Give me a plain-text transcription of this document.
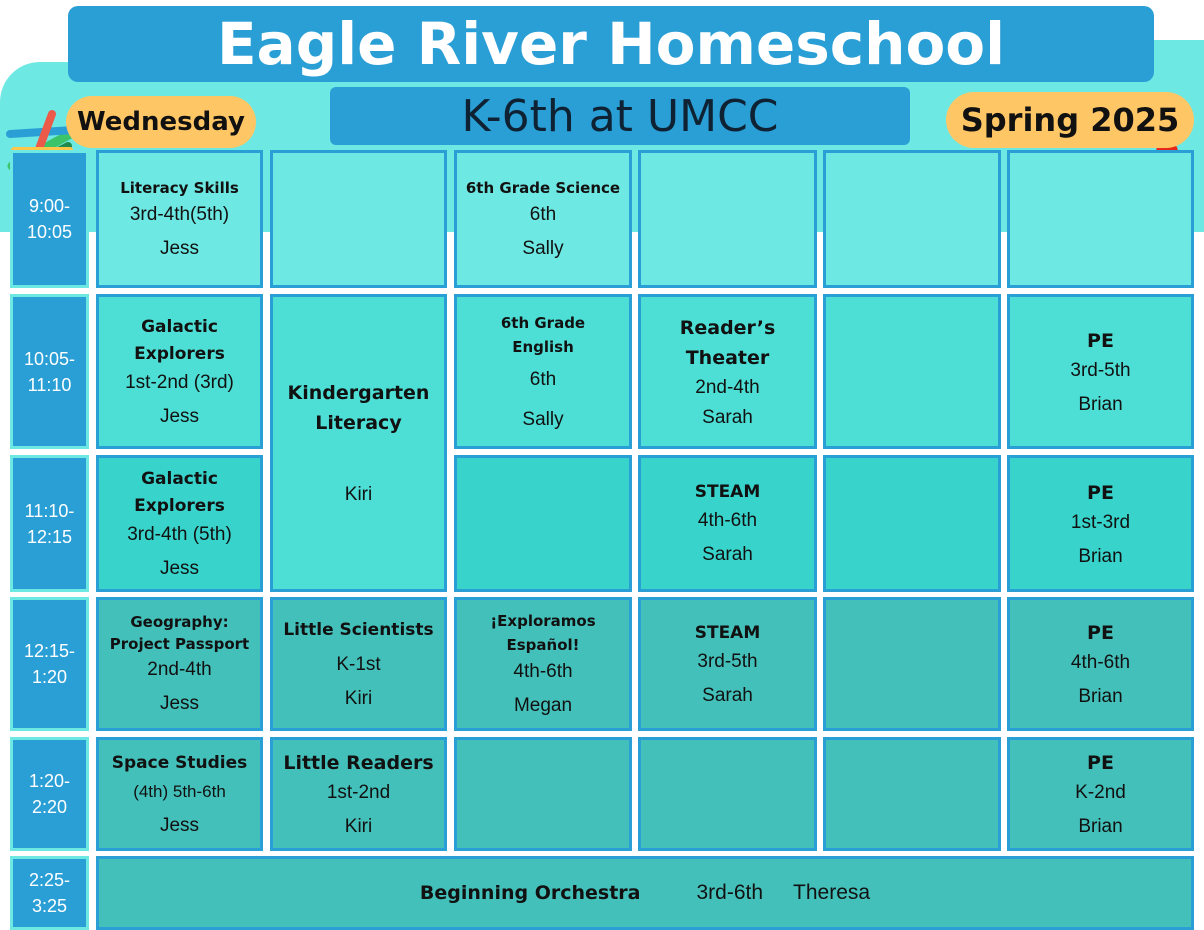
Eagle River Homeschool
K-6th at UMCC
Wednesday	Spring 2025
9:00-
10:05
10:05-
11:10
11:10-
12:15
12:15-
1:20
1:20-
2:20
2:25-
3:25
Literacy Skills
3rd-4th(5th)
Jess
6th Grade Science
6th
Sally
Galactic
Explorers
1st-2nd (3rd)
Jess
Kindergarten
Literacy
Kiri
6th Grade
English
6th
Sally
Reader’s
Theater
2nd-4th
Sarah
PE
3rd-5th
Brian
Galactic
Explorers
3rd-4th (5th)
Jess
STEAM
4th-6th
Sarah
PE
1st-3rd
Brian
Geography:
Project Passport
2nd-4th
Jess
Little Scientists
K-1st
Kiri
¡Exploramos
Español!
4th-6th
Megan
STEAM
3rd-5th
Sarah
PE
4th-6th
Brian
Space Studies
(4th) 5th-6th
Jess
Little Readers
1st-2nd
Kiri
PE
K-2nd
Brian
Beginning Orchestra	3rd-6th Theresa
